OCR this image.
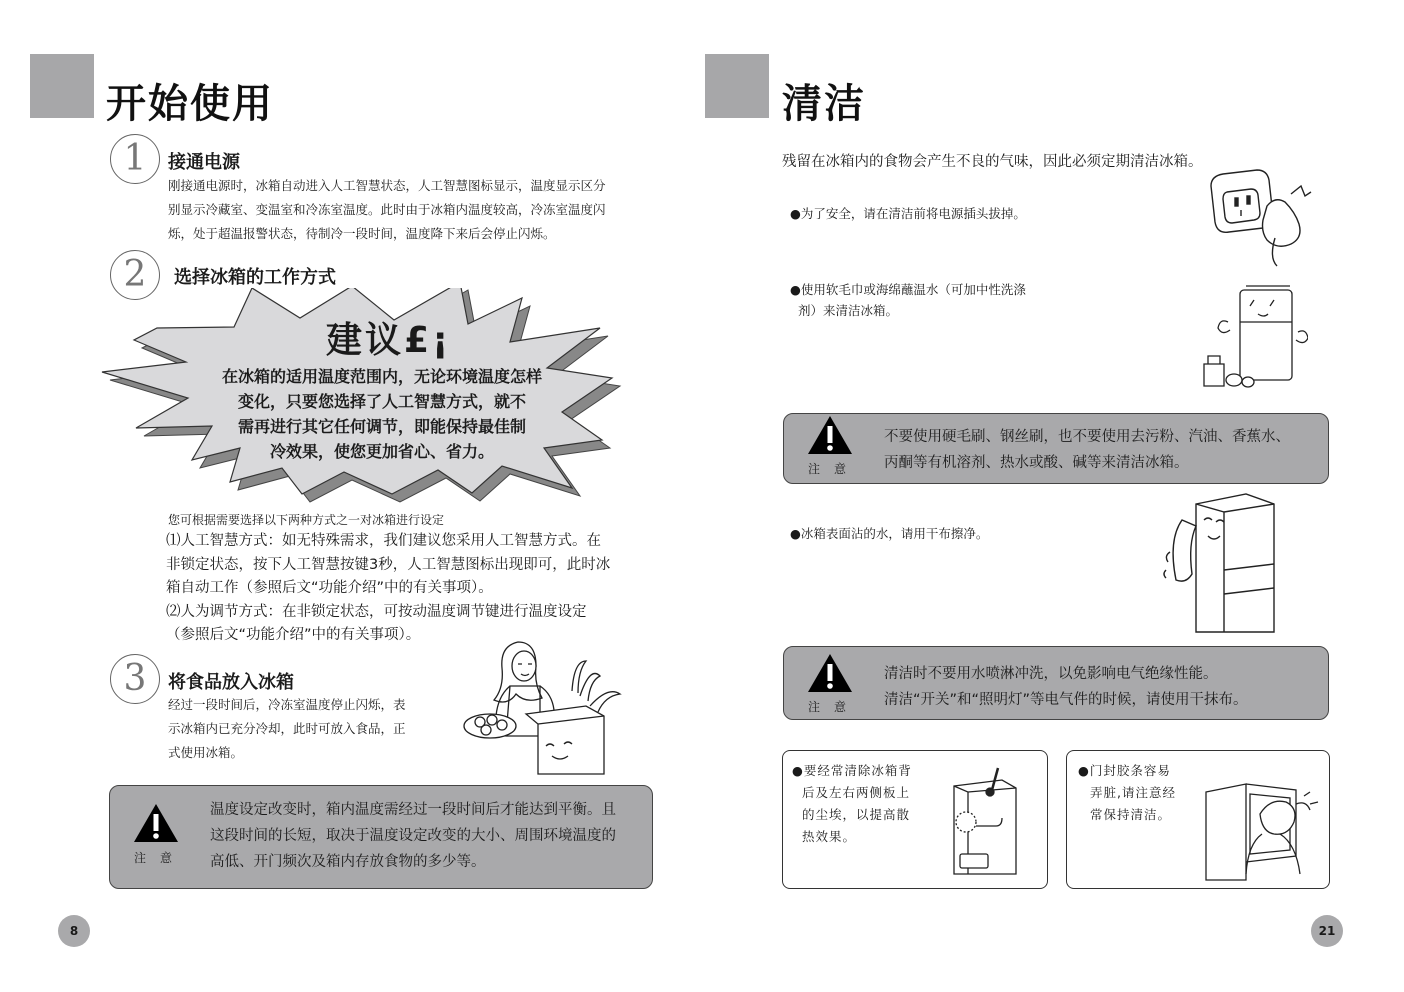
开始使用
1	接通电源
刚接通电源时，冰箱自动进入人工智慧状态，人工智慧图标显示，温度显示区分
别显示冷藏室、变温室和冷冻室温度。此时由于冰箱内温度较高，冷冻室温度闪
烁，处于超温报警状态，待制冷一段时间，温度降下来后会停止闪烁。
2	选择冰箱的工作方式
建议£¡
在冰箱的适用温度范围内，无论环境温度怎样
变化，只要您选择了人工智慧方式，就不
需再进行其它任何调节，即能保持最佳制
冷效果，使您更加省心、省力。
您可根据需要选择以下两种方式之一对冰箱进行设定
⑴人工智慧方式：如无特殊需求，我们建议您采用人工智慧方式。在
非锁定状态，按下人工智慧按键3秒，人工智慧图标出现即可，此时冰
箱自动工作（参照后文“功能介绍”中的有关事项）。
⑵人为调节方式：在非锁定状态，可按动温度调节键进行温度设定
（参照后文“功能介绍”中的有关事项）。
3	将食品放入冰箱
经过一段时间后，冷冻室温度停止闪烁，表
示冰箱内已充分冷却，此时可放入食品，正
式使用冰箱。
注意
温度设定改变时，箱内温度需经过一段时间后才能达到平衡。且
这段时间的长短，取决于温度设定改变的大小、周围环境温度的
高低、开门频次及箱内存放食物的多少等。
8
清洁
残留在冰箱内的食物会产生不良的气味，因此必须定期清洁冰箱。
●为了安全，请在清洁前将电源插头拔掉。
●使用软毛巾或海绵蘸温水（可加中性洗涤
剂）来清洁冰箱。
注意
不要使用硬毛刷、钢丝刷，也不要使用去污粉、汽油、香蕉水、
丙酮等有机溶剂、热水或酸、碱等来清洁冰箱。
●冰箱表面沾的水，请用干布擦净。
注意
清洁时不要用水喷淋冲洗，以免影响电气绝缘性能。
清洁“开关”和“照明灯”等电气件的时候，请使用干抹布。
●要经常清除冰箱背
后及左右两侧板上
的尘埃，以提高散
热效果。
●门封胶条容易
弄脏,请注意经
常保持清洁。
21
